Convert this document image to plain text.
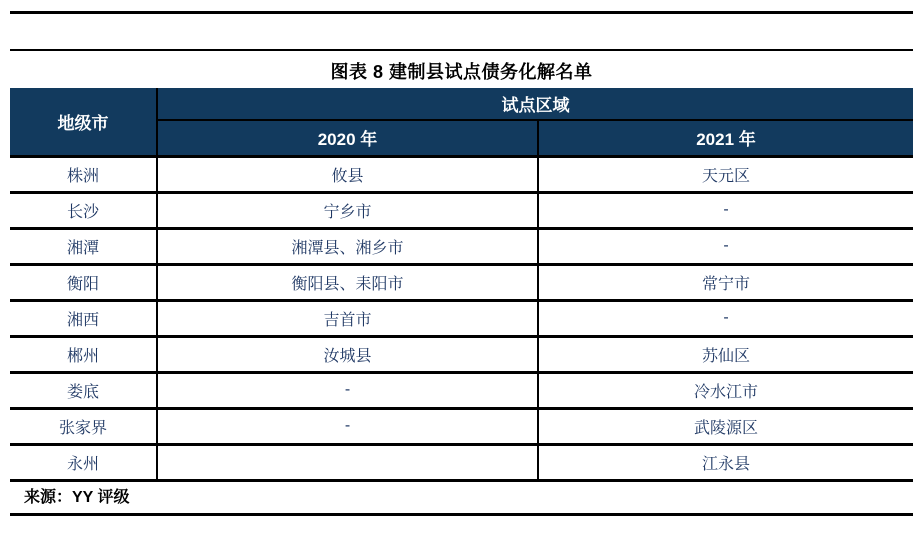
图表 8 建制县试点债务化解名单
地级市	试点区域	
	2020 年	2021 年
株洲	攸县	天元区
长沙	宁乡市	-
湘潭	湘潭县、湘乡市	-
衡阳	衡阳县、耒阳市	常宁市
湘西	吉首市	-
郴州	汝城县	苏仙区
娄底	-	冷水江市
张家界	-	武陵源区
永州		江永县
来源：YY 评级
